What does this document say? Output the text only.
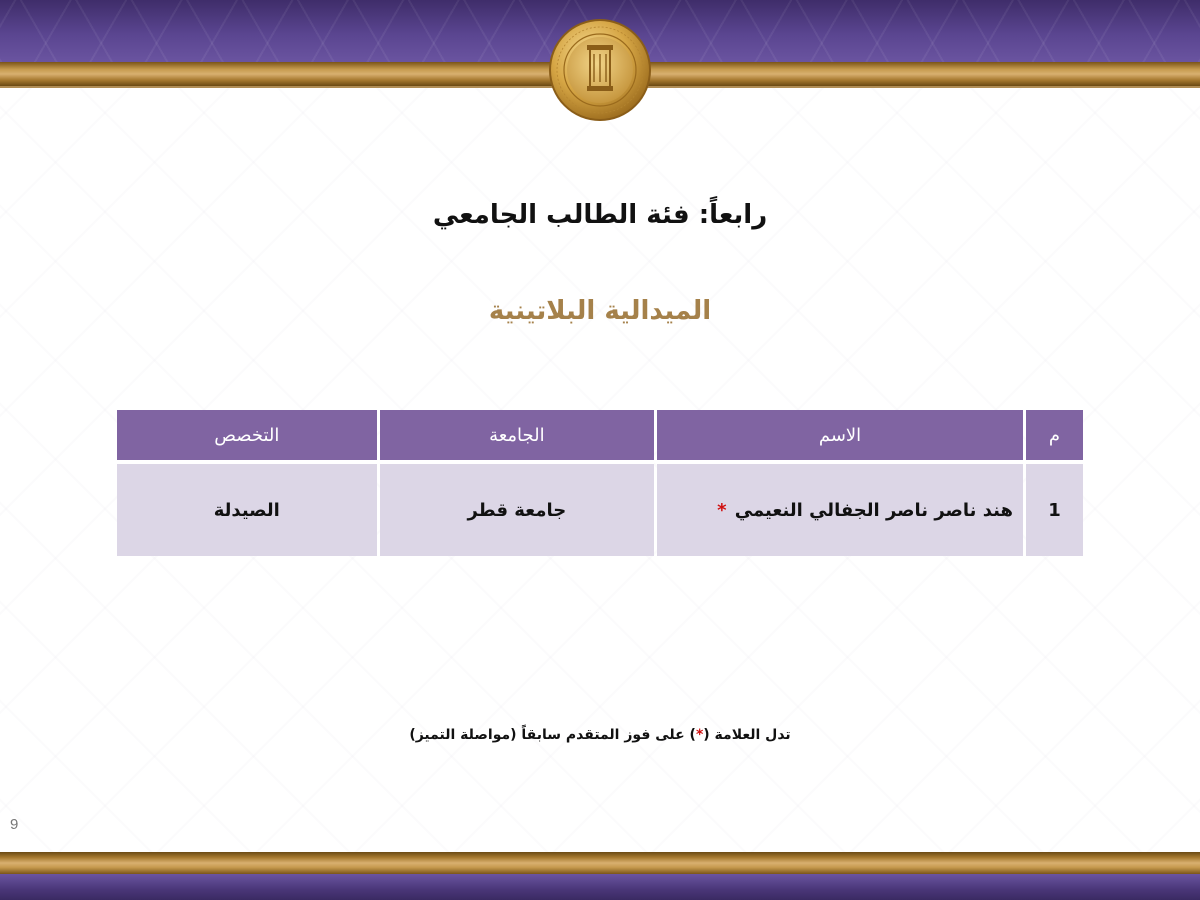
رابعاً: فئة الطالب الجامعي
الميدالية البلاتينية
م	الاسم	الجامعة	التخصص
1	هند ناصر ناصر الجفالي النعيمي *	جامعة قطر	الصيدلة
تدل العلامة (*) على فوز المتقدم سابقاً (مواصلة التميز)
9
